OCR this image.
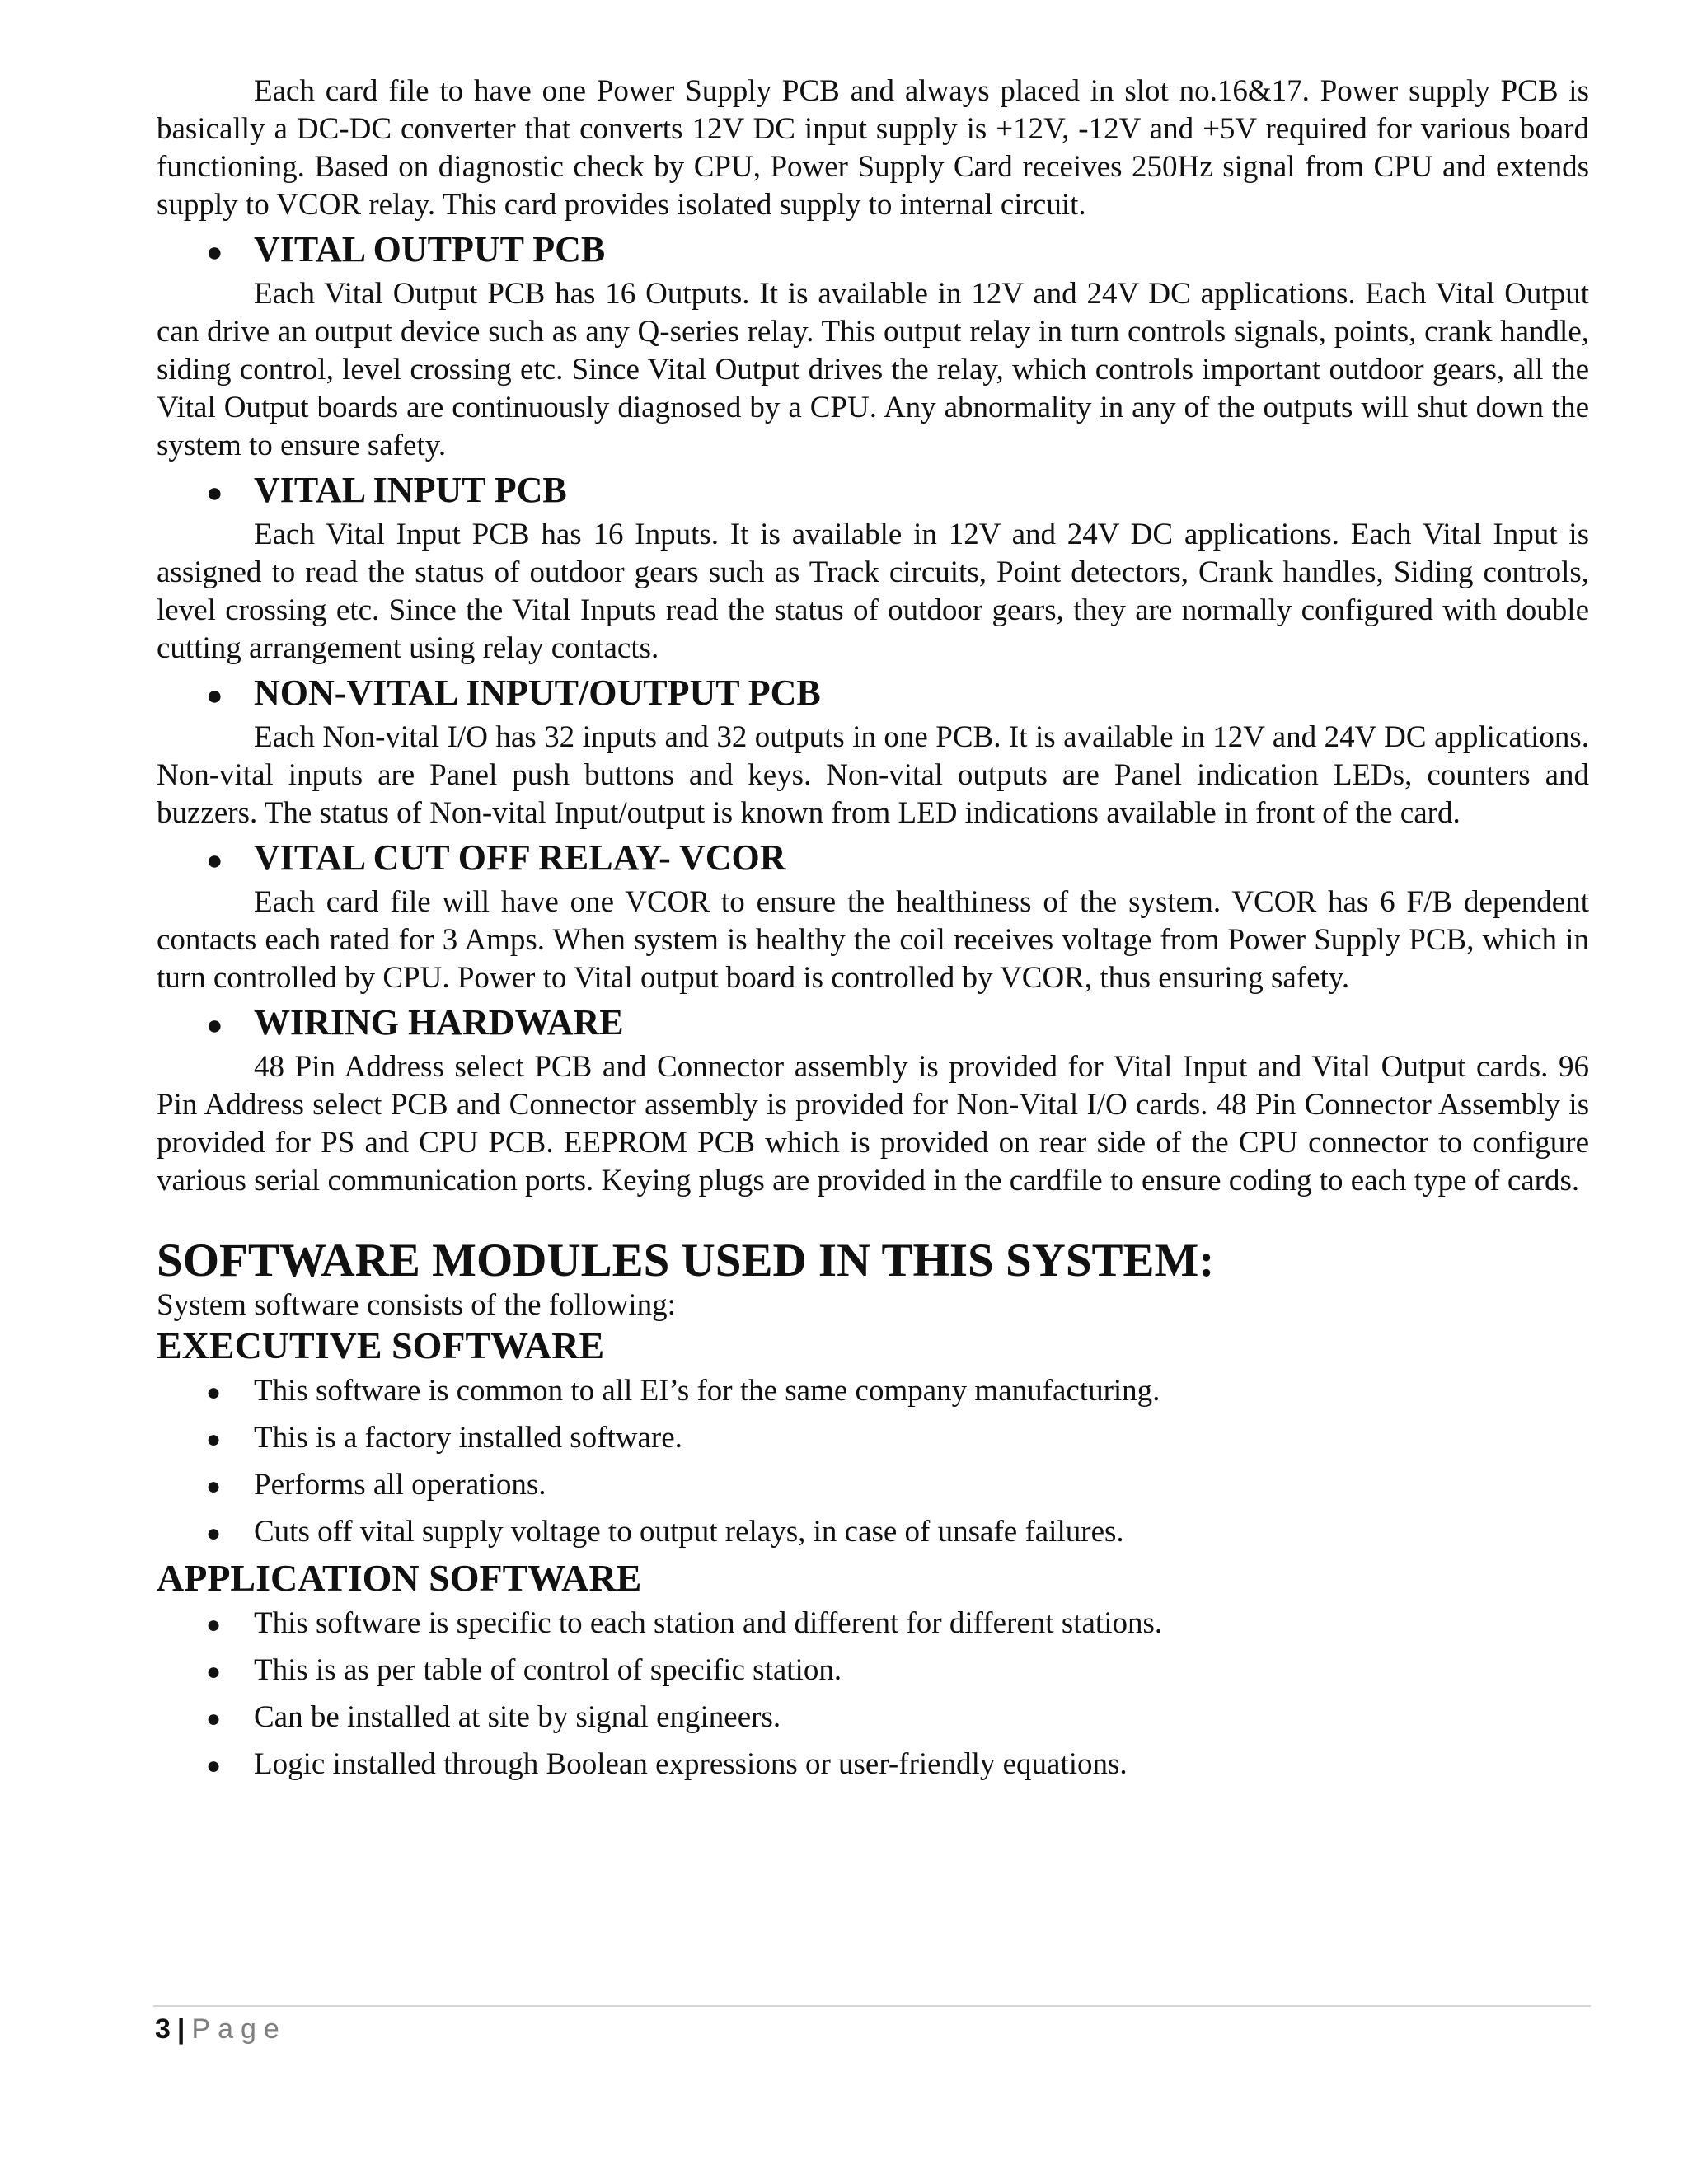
Each card file to have one Power Supply PCB and always placed in slot no.16&17. Power supply PCB is basically a DC-DC converter that converts 12V DC input supply is +12V, -12V and +5V required for various board functioning. Based on diagnostic check by CPU, Power Supply Card receives 250Hz signal from CPU and extends supply to VCOR relay. This card provides isolated supply to internal circuit.

● VITAL OUTPUT PCB

Each Vital Output PCB has 16 Outputs. It is available in 12V and 24V DC applications. Each Vital Output can drive an output device such as any Q-series relay. This output relay in turn controls signals, points, crank handle, siding control, level crossing etc. Since Vital Output drives the relay, which controls important outdoor gears, all the Vital Output boards are continuously diagnosed by a CPU. Any abnormality in any of the outputs will shut down the system to ensure safety.

● VITAL INPUT PCB

Each Vital Input PCB has 16 Inputs. It is available in 12V and 24V DC applications. Each Vital Input is assigned to read the status of outdoor gears such as Track circuits, Point detectors, Crank handles, Siding controls, level crossing etc. Since the Vital Inputs read the status of outdoor gears, they are normally configured with double cutting arrangement using relay contacts.

● NON-VITAL INPUT/OUTPUT PCB

Each Non-vital I/O has 32 inputs and 32 outputs in one PCB. It is available in 12V and 24V DC applications. Non-vital inputs are Panel push buttons and keys. Non-vital outputs are Panel indication LEDs, counters and buzzers. The status of Non-vital Input/output is known from LED indications available in front of the card.

● VITAL CUT OFF RELAY- VCOR

Each card file will have one VCOR to ensure the healthiness of the system. VCOR has 6 F/B dependent contacts each rated for 3 Amps. When system is healthy the coil receives voltage from Power Supply PCB, which in turn controlled by CPU. Power to Vital output board is controlled by VCOR, thus ensuring safety.

● WIRING HARDWARE

48 Pin Address select PCB and Connector assembly is provided for Vital Input and Vital Output cards. 96 Pin Address select PCB and Connector assembly is provided for Non-Vital I/O cards. 48 Pin Connector Assembly is provided for PS and CPU PCB. EEPROM PCB which is provided on rear side of the CPU connector to configure various serial communication ports. Keying plugs are provided in the cardfile to ensure coding to each type of cards.

SOFTWARE MODULES USED IN THIS SYSTEM:

System software consists of the following:

EXECUTIVE SOFTWARE
●	This software is common to all EI’s for the same company manufacturing.
●	This is a factory installed software.
●	Performs all operations.
●	Cuts off vital supply voltage to output relays, in case of unsafe failures.
APPLICATION SOFTWARE
●	This software is specific to each station and different for different stations.
●	This is as per table of control of specific station.
●	Can be installed at site by signal engineers.
●	Logic installed through Boolean expressions or user-friendly equations.
3 | Page
